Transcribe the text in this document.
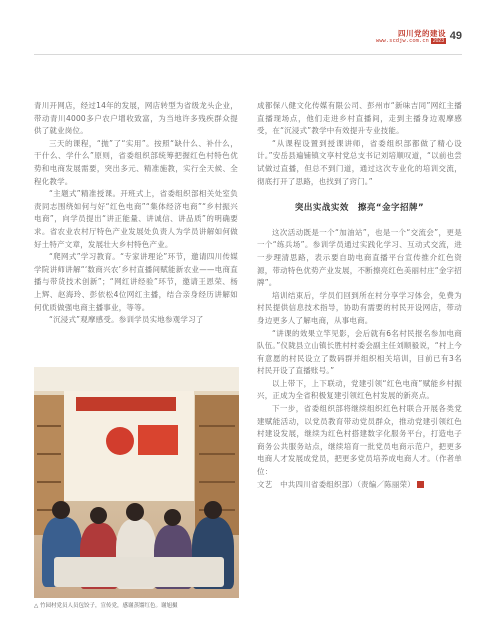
四川党的建设
www.scdjw.com.cn 2023 49

青川开网店，经过14年的发展，网店转型为省级龙头企业，带动青川4000多户农户增收致富，为当地许多残疾群众提供了就业岗位。

三天的课程，“抛”了“实用”。按照“缺什么、补什么，干什么、学什么”原则，省委组织部统筹把握红色村特色优势和电商发展需要，突出多元、精准施教，实行全天候、全程化教学。

“主题式”精准授课。开班式上，省委组织部相关处室负责同志围绕如何与好“红色电商”“集体经济电商”“乡村振兴电商”，向学员提出“讲正能量、讲诚信、讲品质”的明确要求。省农业农村厅特色产业发展处负责人为学员讲解如何做好土特产文章，发展壮大乡村特色产业。

“爬网式”学习教育。“专家讲理论”环节，邀请四川传媒学院讲师讲解“‘数商兴农’乡村直播间赋能新农业——电商直播与带货技术创新”；“网红讲经验”环节，邀请王恩荣、杨上辉、赵海玲、彭依松4位网红主播，结合亲身经历讲解如何优质做强电商主播事业，等等。

“沉浸式”观摩感受。参训学员实地参观学习了

△ 竹园村党员人员包饺子，宣传党，感谢蒸馏红色。谢旭摄

成都保八健文化传媒有限公司、彭州市“新味吉同”网红主播直播现场点，他们走进乡村直播间，走到主播身边观摩感受，在“沉浸式”教学中有效提升专业技能。

“从课程设置到授课讲师，省委组织部都做了精心设计。”安岳县遍铺镇文享村党总支书记刘培顺叹道，“以前也尝试做过直播，但总不到门道，通过这次专业化的培训交流，彻底打开了思路，也找到了窍门。”

突出实战实效　擦亮“金字招牌”

这次活动既是一个“加油站”，也是一个“交流会”，更是一个“练兵场”。参训学员通过实践化学习、互动式交流，进一步理清思路，表示要自助电商直播平台宣传推介红色资源，带动特色优势产业发展，不断擦亮红色美丽村庄“金字招牌”。

培训结束后，学员们回到所在村分享学习体会，免费为村民提供信息技术指导，协助有需要的村民开设网店，带动身边更多人了解电商，从事电商。

“讲课的效果立竿见影，会后就有6名村民报名参加电商队伍。”仪陇县立山镇长胜村村委会副主任刘顺毅说，“村上今有意愿的村民设立了数码群并组织相关培训，目前已有3名村民开设了直播账号。”

以上带下，上下联动，党建引领“红色电商”赋能乡村振兴，正成为全省积极复建引领红色村发展的新亮点。

下一步，省委组织部将继续组织红色村联合开展各类党建赋能活动，以党员教育带动党员群众，推动党建引领红色村建设发展，继续为红色村搭建数字化服务平台，打造电子商务公共服务站点，继续培育一批党员电商示范户，把更多电商人才发展成党员，把更多党员培养成电商人才。（作者单位：

文艺　中共四川省委组织部）（责编／陈丽荣）
